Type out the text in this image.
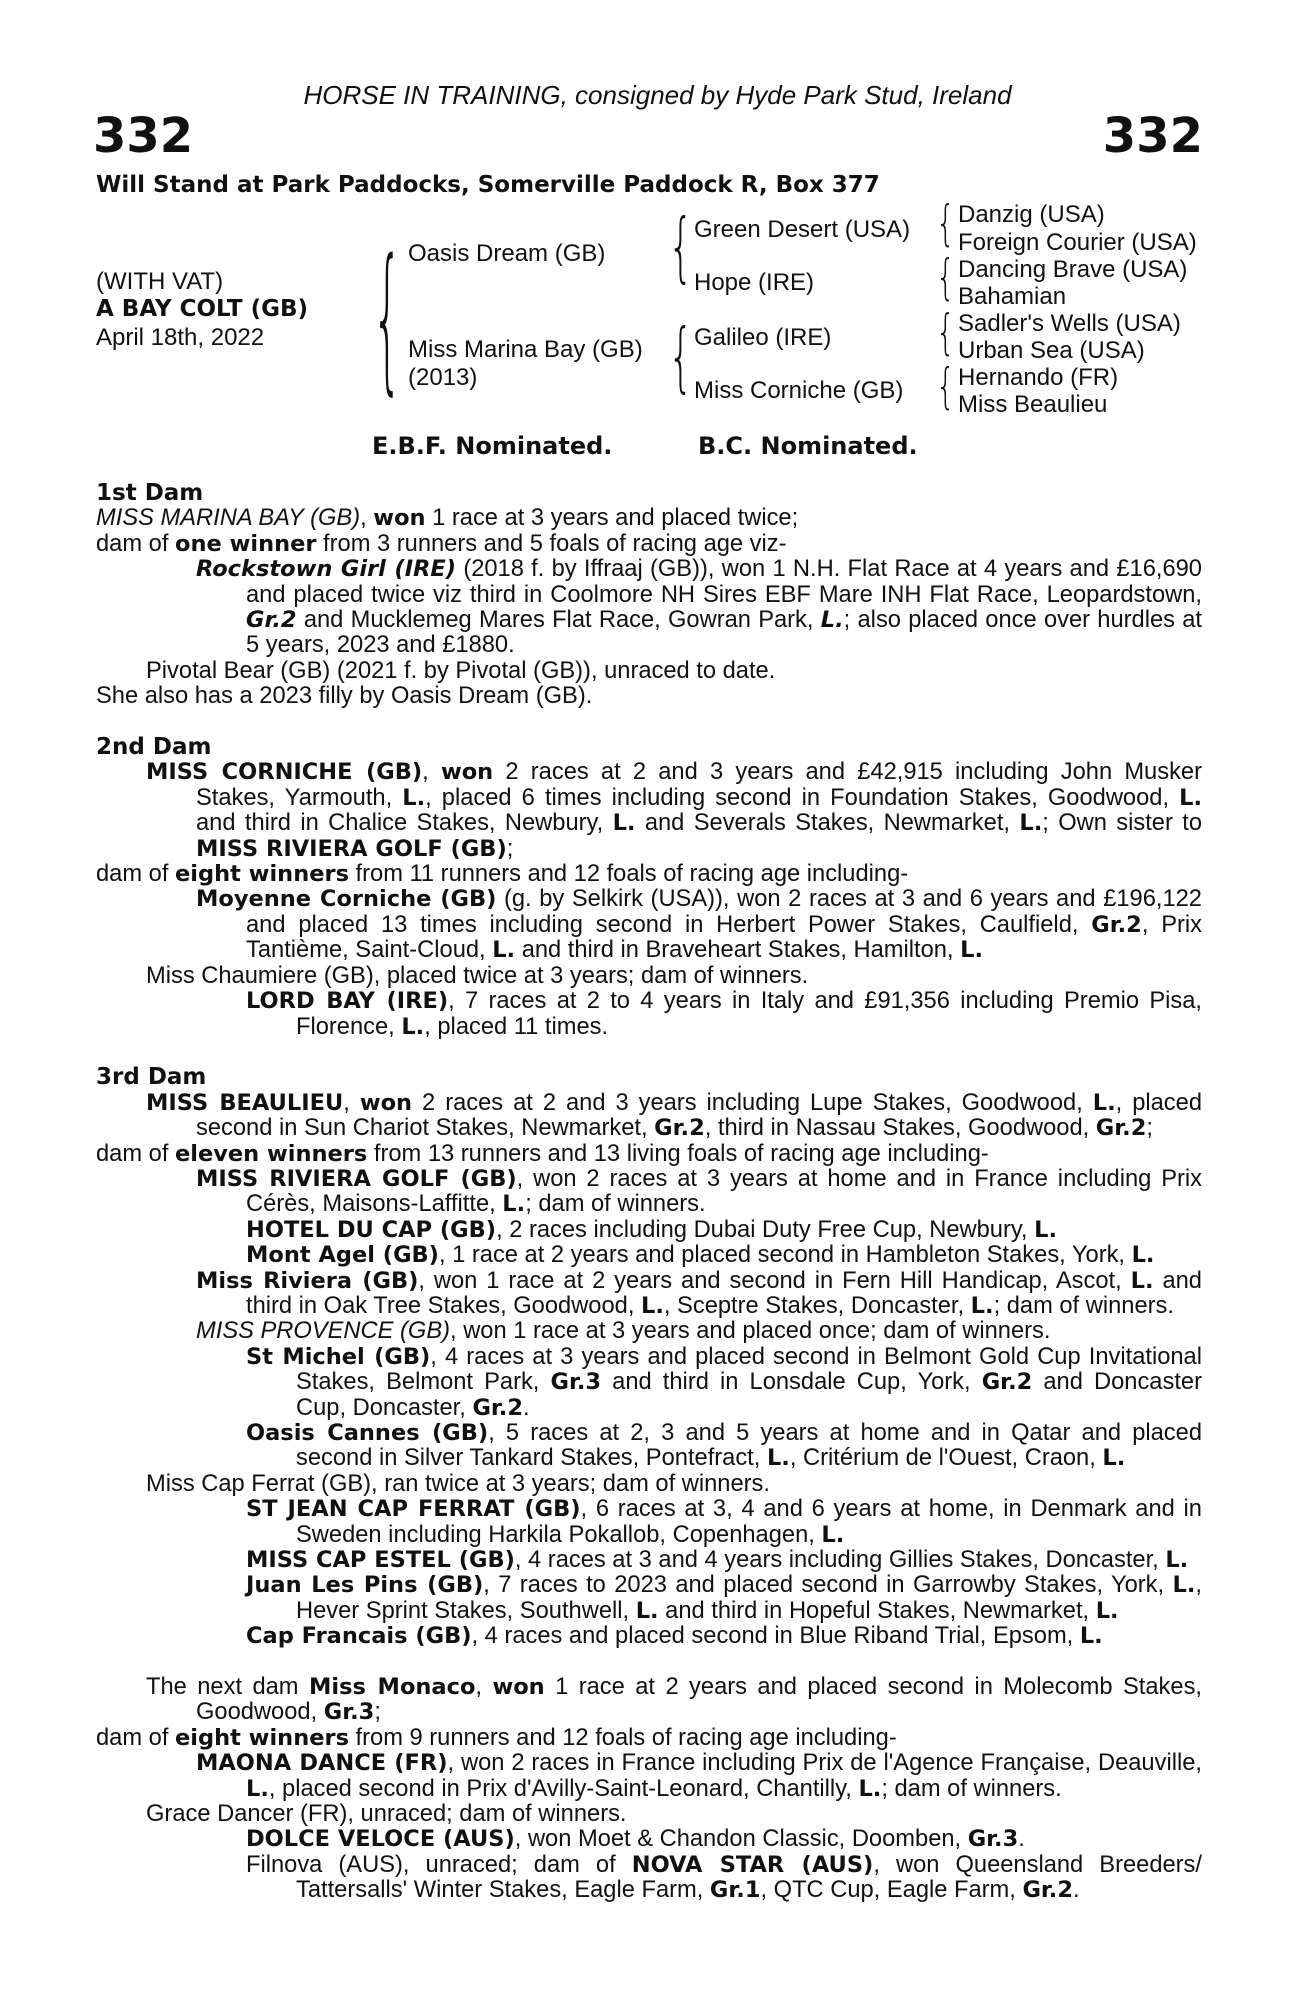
HORSE IN TRAINING, consigned by Hyde Park Stud, Ireland
332	332
Will Stand at Park Paddocks, Somerville Paddock R, Box 377
(WITH VAT)
A BAY COLT (GB)
April 18th, 2022 { Oasis Dream (GB)
Miss Marina Bay (GB)
(2013)
{
{
Green Desert (USA)
Hope (IRE)
Galileo (IRE)
Miss Corniche (GB)
{
{
{
{
Danzig (USA)
Foreign Courier (USA)
Dancing Brave (USA)
Bahamian
Sadler's Wells (USA)
Urban Sea (USA)
Hernando (FR)
Miss Beaulieu
E.B.F. Nominated.	B.C. Nominated.
1st Dam
MISS MARINA BAY (GB), won 1 race at 3 years and placed twice;
dam of one winner from 3 runners and 5 foals of racing age viz-
Rockstown Girl (IRE) (2018 f. by Iffraaj (GB)), won 1 N.H. Flat Race at 4 years and £16,690 and placed twice viz third in Coolmore NH Sires EBF Mare INH Flat Race, Leopardstown, Gr.2 and Mucklemeg Mares Flat Race, Gowran Park, L.; also placed once over hurdles at 5 years, 2023 and £1880.
Pivotal Bear (GB) (2021 f. by Pivotal (GB)), unraced to date.
She also has a 2023 filly by Oasis Dream (GB).
2nd Dam
MISS CORNICHE (GB), won 2 races at 2 and 3 years and £42,915 including John Musker Stakes, Yarmouth, L., placed 6 times including second in Foundation Stakes, Goodwood, L. and third in Chalice Stakes, Newbury, L. and Severals Stakes, Newmarket, L.; Own sister to MISS RIVIERA GOLF (GB);
dam of eight winners from 11 runners and 12 foals of racing age including-
Moyenne Corniche (GB) (g. by Selkirk (USA)), won 2 races at 3 and 6 years and £196,122 and placed 13 times including second in Herbert Power Stakes, Caulfield, Gr.2, Prix Tantième, Saint-Cloud, L. and third in Braveheart Stakes, Hamilton, L.
Miss Chaumiere (GB), placed twice at 3 years; dam of winners.
LORD BAY (IRE), 7 races at 2 to 4 years in Italy and £91,356 including Premio Pisa, Florence, L., placed 11 times.
3rd Dam
MISS BEAULIEU, won 2 races at 2 and 3 years including Lupe Stakes, Goodwood, L., placed second in Sun Chariot Stakes, Newmarket, Gr.2, third in Nassau Stakes, Goodwood, Gr.2;
dam of eleven winners from 13 runners and 13 living foals of racing age including-
MISS RIVIERA GOLF (GB), won 2 races at 3 years at home and in France including Prix Cérès, Maisons-Laffitte, L.; dam of winners.
HOTEL DU CAP (GB), 2 races including Dubai Duty Free Cup, Newbury, L.
Mont Agel (GB), 1 race at 2 years and placed second in Hambleton Stakes, York, L.
Miss Riviera (GB), won 1 race at 2 years and second in Fern Hill Handicap, Ascot, L. and third in Oak Tree Stakes, Goodwood, L., Sceptre Stakes, Doncaster, L.; dam of winners.
MISS PROVENCE (GB), won 1 race at 3 years and placed once; dam of winners.
St Michel (GB), 4 races at 3 years and placed second in Belmont Gold Cup Invitational Stakes, Belmont Park, Gr.3 and third in Lonsdale Cup, York, Gr.2 and Doncaster Cup, Doncaster, Gr.2.
Oasis Cannes (GB), 5 races at 2, 3 and 5 years at home and in Qatar and placed second in Silver Tankard Stakes, Pontefract, L., Critérium de l'Ouest, Craon, L.
Miss Cap Ferrat (GB), ran twice at 3 years; dam of winners.
ST JEAN CAP FERRAT (GB), 6 races at 3, 4 and 6 years at home, in Denmark and in Sweden including Harkila Pokallob, Copenhagen, L.
MISS CAP ESTEL (GB), 4 races at 3 and 4 years including Gillies Stakes, Doncaster, L.
Juan Les Pins (GB), 7 races to 2023 and placed second in Garrowby Stakes, York, L., Hever Sprint Stakes, Southwell, L. and third in Hopeful Stakes, Newmarket, L.
Cap Francais (GB), 4 races and placed second in Blue Riband Trial, Epsom, L.
The next dam Miss Monaco, won 1 race at 2 years and placed second in Molecomb Stakes, Goodwood, Gr.3;
dam of eight winners from 9 runners and 12 foals of racing age including-
MAONA DANCE (FR), won 2 races in France including Prix de l'Agence Française, Deauville, L., placed second in Prix d'Avilly-Saint-Leonard, Chantilly, L.; dam of winners.
Grace Dancer (FR), unraced; dam of winners.
DOLCE VELOCE (AUS), won Moet & Chandon Classic, Doomben, Gr.3.
Filnova (AUS), unraced; dam of NOVA STAR (AUS), won Queensland Breeders/ Tattersalls' Winter Stakes, Eagle Farm, Gr.1, QTC Cup, Eagle Farm, Gr.2.
